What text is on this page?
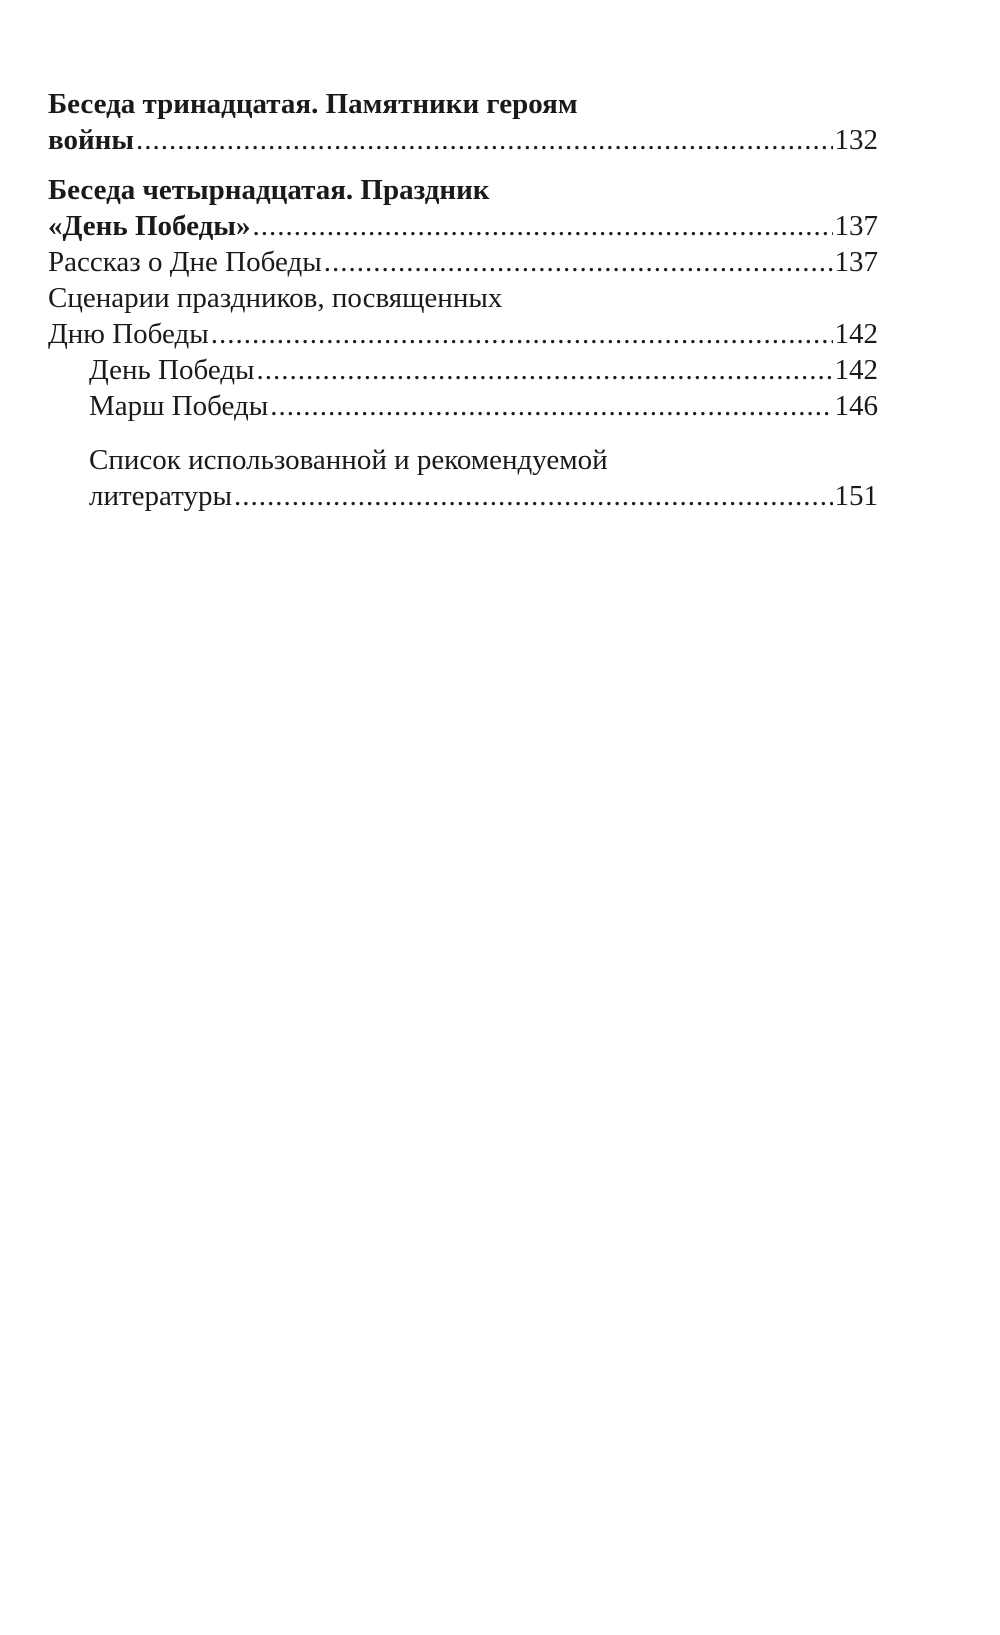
Беседа тринадцатая. Памятники героям
войны .....	132
Беседа четырнадцатая. Праздник
«День Победы» .....	137
Рассказ о Дне Победы .....	137
Сценарии праздников, посвященных
Дню Победы .....	142
День Победы .....	142
Марш Победы .....	146
Список использованной и рекомендуемой
литературы .....	151
